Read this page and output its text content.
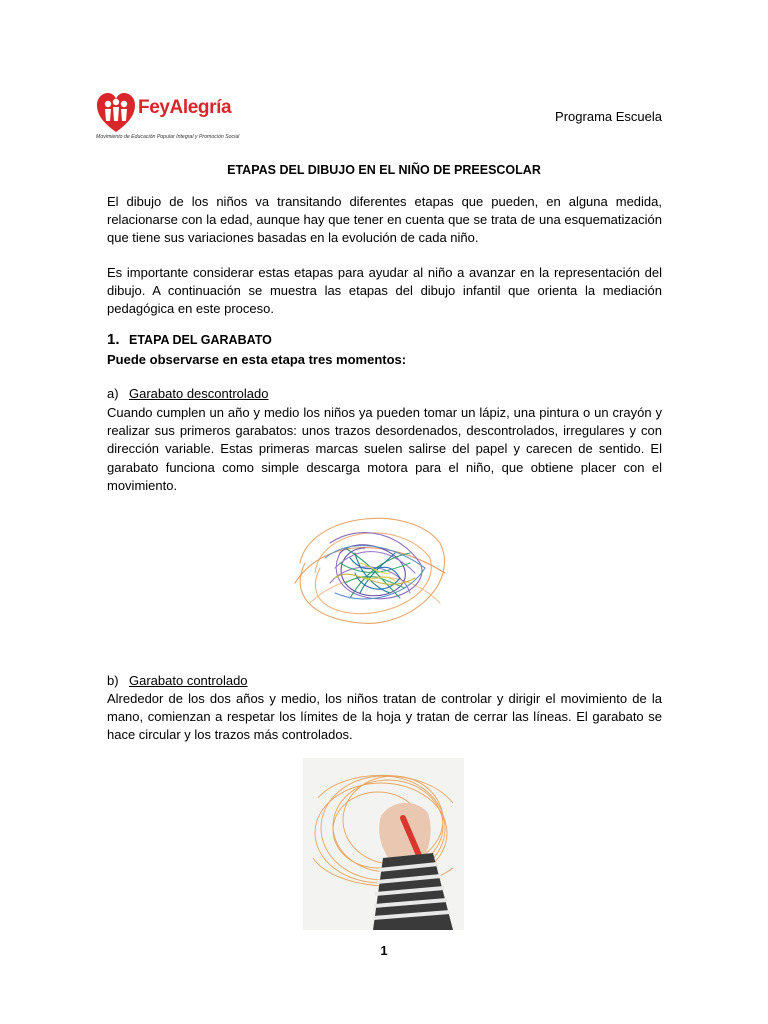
FeyAlegría
Movimiento de Educación Popular Integral y Promoción Social
Programa Escuela
ETAPAS DEL DIBUJO EN EL NIÑO DE PREESCOLAR

El dibujo de los niños va transitando diferentes etapas que pueden, en alguna medida, relacionarse con la edad, aunque hay que tener en cuenta que se trata de una esquematización que tiene sus variaciones basadas en la evolución de cada niño.

Es importante considerar estas etapas para ayudar al niño a avanzar en la representación del dibujo. A continuación se muestra las etapas del dibujo infantil que orienta la mediación pedagógica en este proceso.

1. ETAPA DEL GARABATO
Puede observarse en esta etapa tres momentos:
a) Garabato descontrolado

Cuando cumplen un año y medio los niños ya pueden tomar un lápiz, una pintura o un crayón y realizar sus primeros garabatos: unos trazos desordenados, descontrolados, irregulares y con dirección variable. Estas primeras marcas suelen salirse del papel y carecen de sentido. El garabato funciona como simple descarga motora para el niño, que obtiene placer con el movimiento.

b) Garabato controlado

Alrededor de los dos años y medio, los niños tratan de controlar y dirigir el movimiento de la mano, comienzan a respetar los límites de la hoja y tratan de cerrar las líneas. El garabato se hace circular y los trazos más controlados.

1
